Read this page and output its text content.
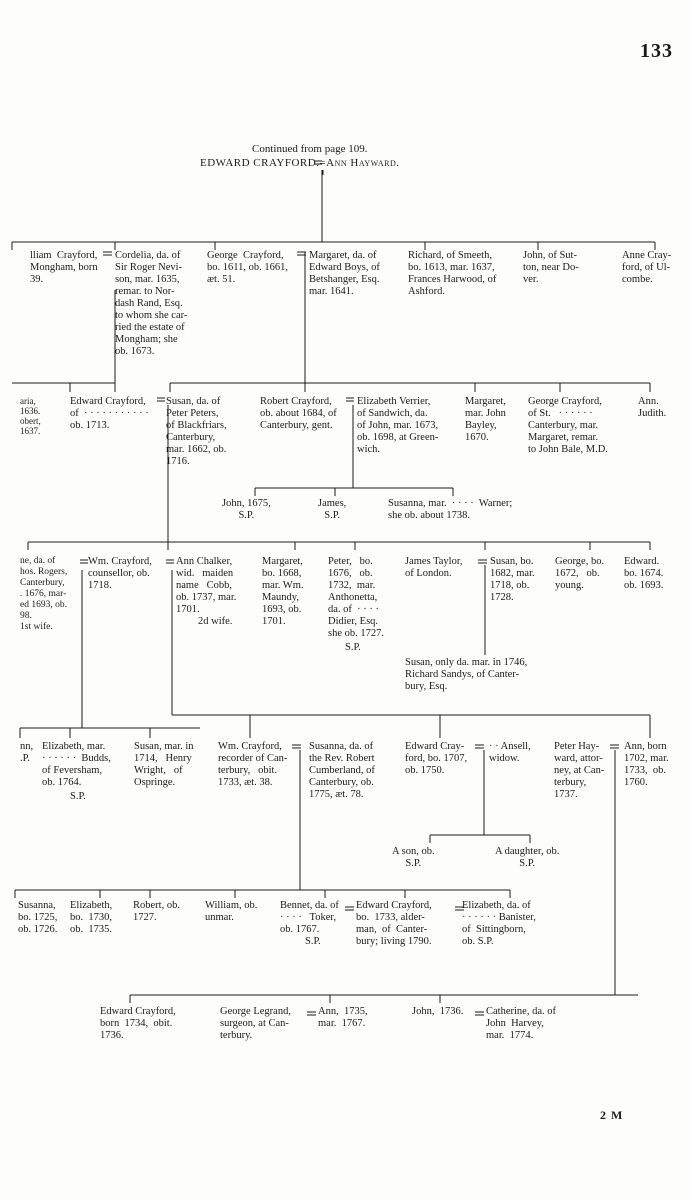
133
Continued from page 109.
EDWARD CRAYFORD.=Ann Hayward.
lliam  Crayford,
Mongham, born
39.
Cordelia, da. of
Sir Roger Nevi-
son, mar. 1635,
remar. to Nor-
dash Rand, Esq.
to whom she car-
ried the estate of
Mongham; she
ob. 1673.
George  Crayford,
bo. 1611, ob. 1661,
æt. 51.
Margaret, da. of
Edward Boys, of
Betshanger, Esq.
mar. 1641.
Richard, of Smeeth,
bo. 1613, mar. 1637,
Frances Harwood, of
Ashford.
John, of Sut-
ton, near Do-
ver.
Anne Cray-
ford, of Ul-
combe.
aria,
1636.
obert,
1637.
Edward Crayford,
of  · · · · · · · · · · ·
ob. 1713.
Susan, da. of
Peter Peters,
of Blackfriars,
Canterbury,
mar. 1662, ob.
1716.
Robert Crayford,
ob. about 1684, of
Canterbury, gent.
Elizabeth Verrier,
of Sandwich, da.
of John, mar. 1673,
ob. 1698, at Green-
wich.
Margaret,
mar. John
Bayley,
1670.
George Crayford,
of St.   · · · · · ·
Canterbury, mar.
Margaret, remar.
to John Bale, M.D.
Ann.
Judith.
John, 1675,
S.P.
James,
S.P.
Susanna, mar.  · · · ·  Warner;
she ob. about 1738.
ne, da. of
hos. Rogers,
Canterbury,
. 1676, mar-
ed 1693, ob.
98.
1st wife.
Wm. Crayford,
counsellor, ob.
1718.
Ann Chalker,
wid.   maiden
name   Cobb,
ob. 1737, mar.
1701.
2d wife.
Margaret,
bo. 1668,
mar. Wm.
Maundy,
1693, ob.
1701.
Peter,   bo.
1676,   ob.
1732,  mar.
Anthonetta,
da. of  · · · ·
Didier, Esq.
she ob. 1727.
S.P.
James Taylor,
of London.
Susan, bo.
1682, mar.
1718, ob.
1728.
George, bo.
1672,   ob.
young.
Edward.
bo. 1674.
ob. 1693.
Susan, only da. mar. in 1746,
Richard Sandys, of Canter-
bury, Esq.
nn,
.P.
Elizabeth, mar.
· · · · · ·  Budds,
of Feversham,
ob. 1764.
S.P.
Susan, mar. in
1714,   Henry
Wright,   of
Ospringe.
Wm. Crayford,
recorder of Can-
terbury,   obit.
1733, æt. 38.
Susanna, da. of
the Rev. Robert
Cumberland, of
Canterbury, ob.
1775, æt. 78.
Edward Cray-
ford, bo. 1707,
ob. 1750.
· · Ansell,
widow.
Peter Hay-
ward, attor-
ney, at Can-
terbury,
1737.
Ann, born
1702, mar.
1733,  ob.
1760.
A son, ob.
S.P.
A daughter, ob.
S.P.
Susanna,
bo. 1725,
ob. 1726.
Elizabeth,
bo.  1730,
ob.  1735.
Robert, ob.
1727.
William, ob.
unmar.
Bennet, da. of
· · · ·   Toker,
ob. 1767.
S.P.
Edward Crayford,
bo.  1733, alder-
man,  of  Canter-
bury; living 1790.
Elizabeth, da. of
· · · · · · Banister,
of  Sittingborn,
ob. S.P.
Edward Crayford,
born  1734,  obit.
1736.
George Legrand,
surgeon, at Can-
terbury.
Ann,  1735,
mar.  1767.
John,  1736. Catherine, da. of
John  Harvey,
mar.  1774.
2 M
